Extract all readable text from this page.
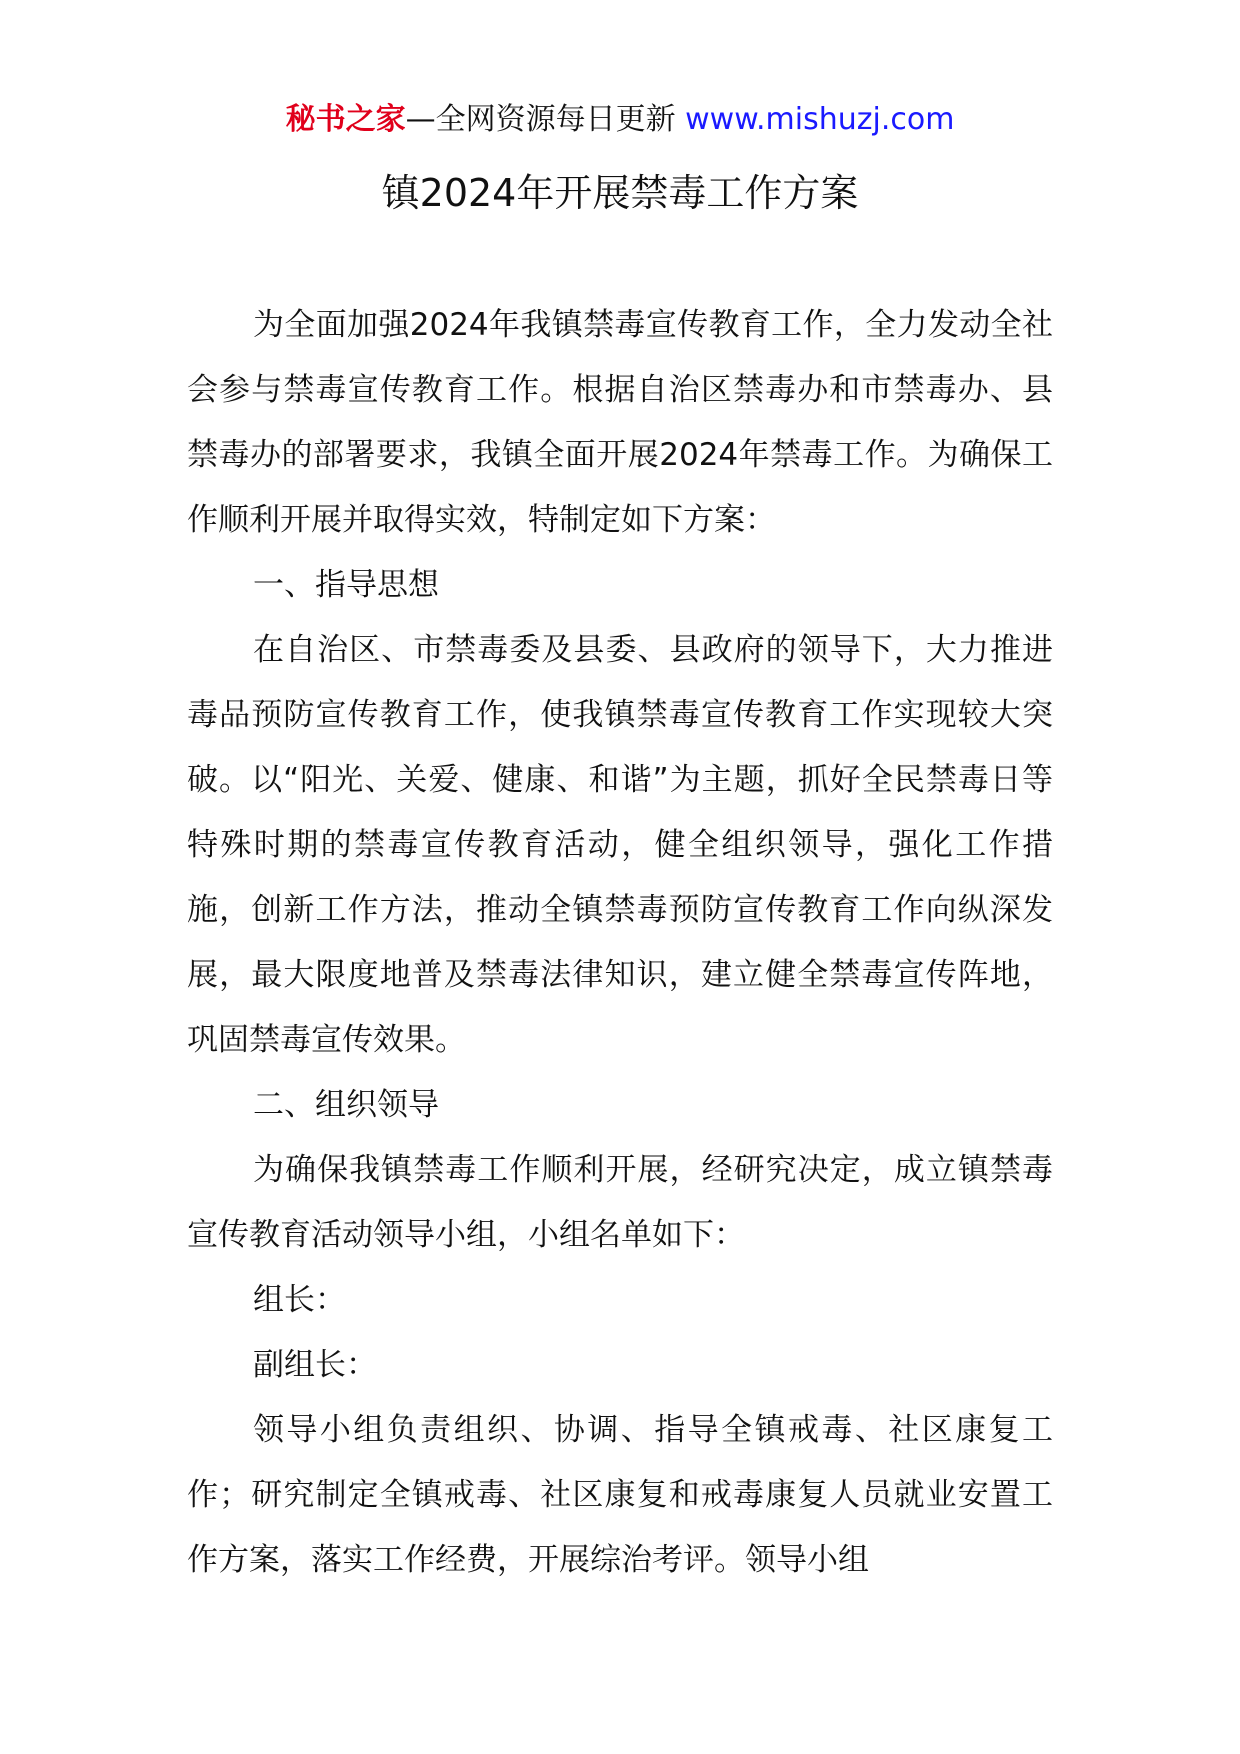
秘书之家—全网资源每日更新 www.mishuzj.com
镇2024年开展禁毒工作方案

为全面加强2024年我镇禁毒宣传教育工作，全力发动全社会参与禁毒宣传教育工作。根据自治区禁毒办和市禁毒办、县禁毒办的部署要求，我镇全面开展2024年禁毒工作。为确保工作顺利开展并取得实效，特制定如下方案：

一、指导思想

在自治区、市禁毒委及县委、县政府的领导下，大力推进毒品预防宣传教育工作，使我镇禁毒宣传教育工作实现较大突破。以“阳光、关爱、健康、和谐”为主题，抓好全民禁毒日等特殊时期的禁毒宣传教育活动，健全组织领导，强化工作措施，创新工作方法，推动全镇禁毒预防宣传教育工作向纵深发展，最大限度地普及禁毒法律知识，建立健全禁毒宣传阵地，巩固禁毒宣传效果。

二、组织领导

为确保我镇禁毒工作顺利开展，经研究决定，成立镇禁毒宣传教育活动领导小组，小组名单如下：

组长：

副组长：

领导小组负责组织、协调、指导全镇戒毒、社区康复工作；研究制定全镇戒毒、社区康复和戒毒康复人员就业安置工作方案，落实工作经费，开展综治考评。领导小组
